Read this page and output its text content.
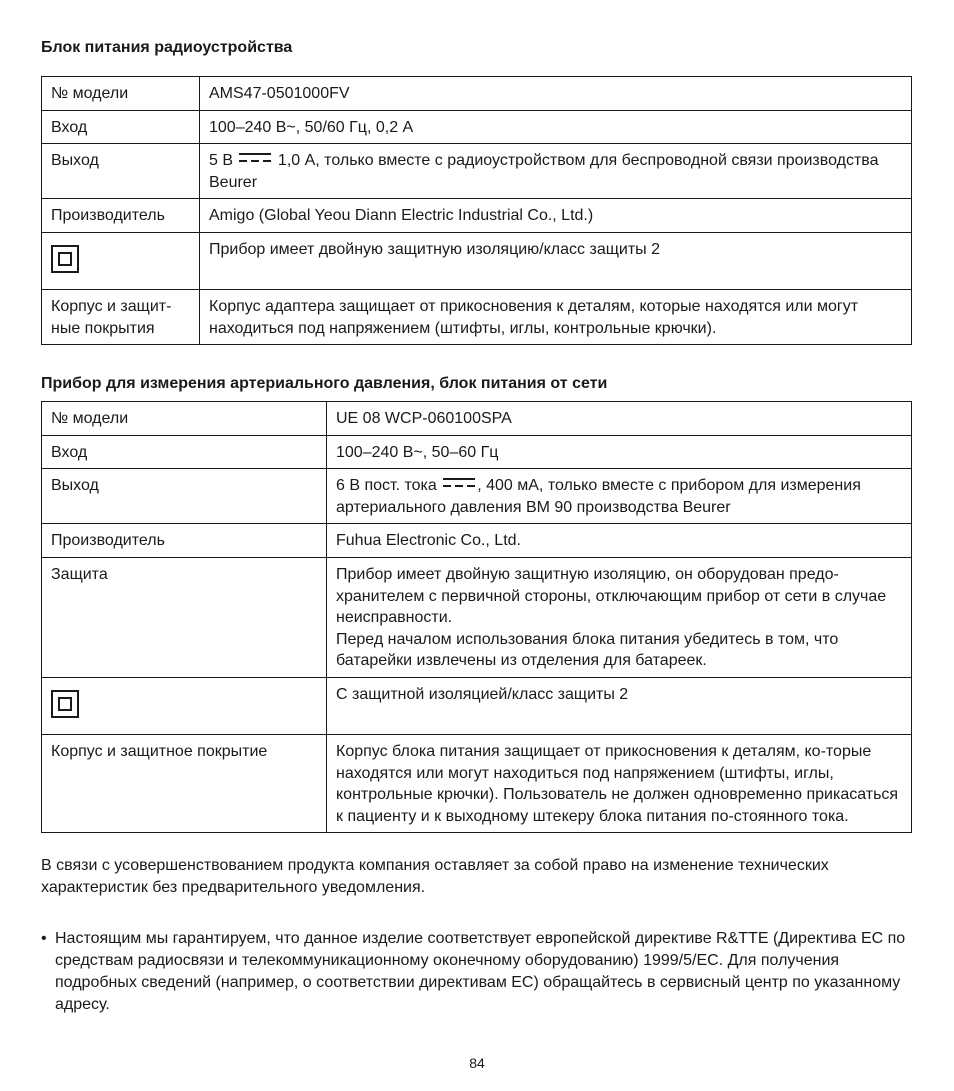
Блок питания радиоустройства
№ модели	AMS47-0501000FV
Вход	100–240 В~, 50/60 Гц, 0,2 А
Выход	5 В 1,0 А, только вместе с радиоустройством для беспроводной связи производства Beurer
Производитель	Amigo (Global Yeou Diann Electric Industrial Co., Ltd.)

	Прибор имеет двойную защитную изоляцию/класс защиты 2
Корпус и защит-ные покрытия	Корпус адаптера защищает от прикосновения к деталям, которые находятся или могут находиться под напряжением (штифты, иглы, контрольные крючки).
Прибор для измерения артериального давления, блок питания от сети
№ модели	UE 08 WCP-060100SPA
Вход	100–240 В~, 50–60 Гц
Выход	6 В пост. тока , 400 мА, только вместе с прибором для измерения артериального давления BM 90 производства Beurer
Производитель	Fuhua Electronic Co., Ltd.
Защита	Прибор имеет двойную защитную изоляцию, он оборудован предо-хранителем с первичной стороны, отключающим прибор от сети в случае неисправности.
Перед началом использования блока питания убедитесь в том, что батарейки извлечены из отделения для батареек.

	С защитной изоляцией/класс защиты 2
Корпус и защитное покрытие	Корпус блока питания защищает от прикосновения к деталям, ко-торые находятся или могут находиться под напряжением (штифты, иглы, контрольные крючки). Пользователь не должен одновременно прикасаться к пациенту и к выходному штекеру блока питания по-стоянного тока.
В связи с усовершенствованием продукта компания оставляет за собой право на изменение технических характеристик без предварительного уведомления.
• Настоящим мы гарантируем, что данное изделие соответствует европейской директиве R&TTE (Директива ЕС по средствам радиосвязи и телекоммуникационному оконечному оборудованию) 1999/5/EC. Для получения подробных сведений (например, о соответствии директивам ЕС) обращайтесь в сервисный центр по указанному адресу.
84
